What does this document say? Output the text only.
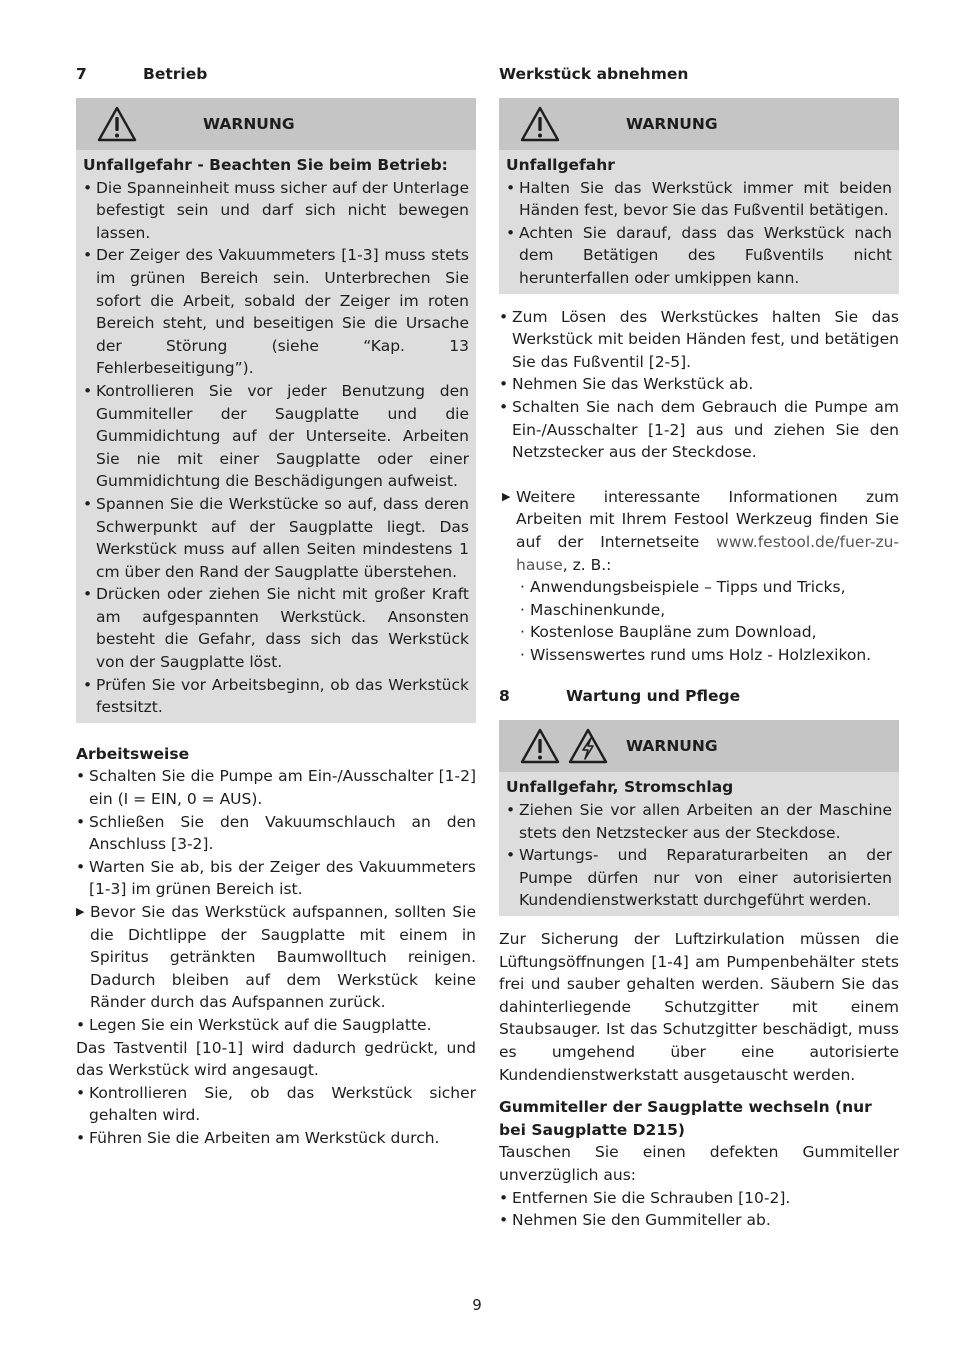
7	Betrieb
WARNUNG
Unfallgefahr - Beachten Sie beim Betrieb:
• Die Spanneinheit muss sicher auf der Unterlage befestigt sein und darf sich nicht bewegen lassen.
• Der Zeiger des Vakuummeters [1-3] muss stets im grünen Bereich sein. Unterbrechen Sie sofort die Arbeit, sobald der Zeiger im roten Bereich steht, und beseitigen Sie die Ursache der Störung (siehe “Kap. 13 Fehlerbeseitigung”).
• Kontrollieren Sie vor jeder Benutzung den Gummiteller der Saugplatte und die Gummidichtung auf der Unterseite. Arbeiten Sie nie mit einer Saugplatte oder einer Gummidichtung die Beschädigungen aufweist.
• Spannen Sie die Werkstücke so auf, dass deren Schwerpunkt auf der Saugplatte liegt. Das Werkstück muss auf allen Seiten mindestens 1 cm über den Rand der Saugplatte überstehen.
• Drücken oder ziehen Sie nicht mit großer Kraft am aufgespannten Werkstück. Ansonsten besteht die Gefahr, dass sich das Werkstück von der Saugplatte löst.
• Prüfen Sie vor Arbeitsbeginn, ob das Werkstück festsitzt.
Arbeitsweise
• Schalten Sie die Pumpe am Ein-/Ausschalter [1-2] ein (I = EIN, 0 = AUS).
• Schließen Sie den Vakuumschlauch an den Anschluss [3-2].
• Warten Sie ab, bis der Zeiger des Vakuummeters [1-3] im grünen Bereich ist.
▶ Bevor Sie das Werkstück aufspannen, sollten Sie die Dichtlippe der Saugplatte mit einem in Spiritus getränkten Baumwolltuch reinigen. Dadurch bleiben auf dem Werkstück keine Ränder durch das Aufspannen zurück.
• Legen Sie ein Werkstück auf die Saugplatte.
Das Tastventil [10-1] wird dadurch gedrückt, und das Werkstück wird angesaugt.
• Kontrollieren Sie, ob das Werkstück sicher gehalten wird.
• Führen Sie die Arbeiten am Werkstück durch.
Werkstück abnehmen
WARNUNG
Unfallgefahr
• Halten Sie das Werkstück immer mit beiden Händen fest, bevor Sie das Fußventil betätigen.
• Achten Sie darauf, dass das Werkstück nach dem Betätigen des Fußventils nicht herunterfallen oder umkippen kann.
• Zum Lösen des Werkstückes halten Sie das Werkstück mit beiden Händen fest, und betätigen Sie das Fußventil [2-5].
• Nehmen Sie das Werkstück ab.
• Schalten Sie nach dem Gebrauch die Pumpe am Ein-/Ausschalter [1-2] aus und ziehen Sie den Netzstecker aus der Steckdose.
▶ Weitere interessante Informationen zum Arbeiten mit Ihrem Festool Werkzeug finden Sie auf der Internetseite www.festool.de/fuer-zu-hause, z. B.:
· Anwendungsbeispiele – Tipps und Tricks,
· Maschinenkunde,
· Kostenlose Baupläne zum Download,
· Wissenswertes rund ums Holz - Holzlexikon.
8	Wartung und Pflege
WARNUNG
Unfallgefahr, Stromschlag
• Ziehen Sie vor allen Arbeiten an der Maschine stets den Netzstecker aus der Steckdose.
• Wartungs- und Reparaturarbeiten an der Pumpe dürfen nur von einer autorisierten Kundendienstwerkstatt durchgeführt werden.
Zur Sicherung der Luftzirkulation müssen die Lüftungsöffnungen [1-4] am Pumpenbehälter stets frei und sauber gehalten werden. Säubern Sie das dahinterliegende Schutzgitter mit einem Staubsauger. Ist das Schutzgitter beschädigt, muss es umgehend über eine autorisierte Kundendienstwerkstatt ausgetauscht werden.
Gummiteller der Saugplatte wechseln (nur bei Saugplatte D215)
Tauschen Sie einen defekten Gummiteller unverzüglich aus:
• Entfernen Sie die Schrauben [10-2].
• Nehmen Sie den Gummiteller ab.
9
